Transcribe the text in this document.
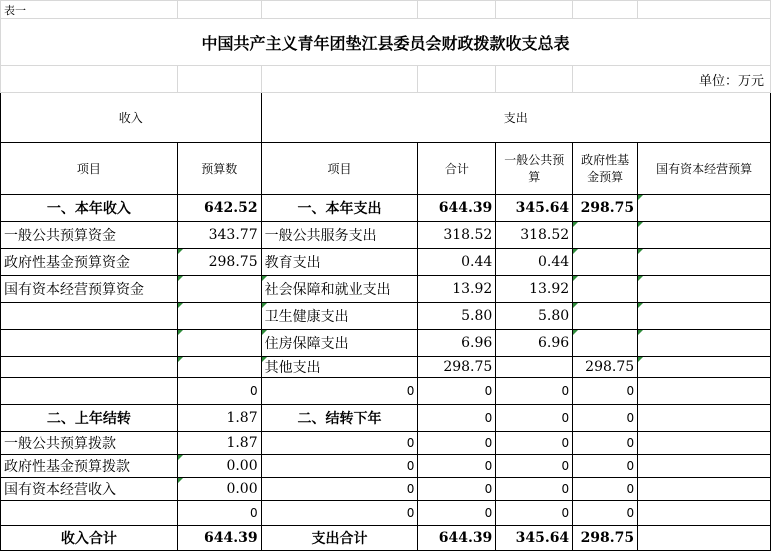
表一						
中国共产主义青年团垫江县委员会财政拨款收支总表						
					单位：万元	
收入		支出				
项目	预算数	项目	合计	一般公共预算	政府性基金预算	国有资本经营预算
一、本年收入	642.52	一、本年支出	644.39	345.64	298.75	
一般公共预算资金	343.77	一般公共服务支出	318.52	318.52		
政府性基金预算资金	298.75	教育支出	0.44	0.44		
国有资本经营预算资金		社会保障和就业支出	13.92	13.92		
		卫生健康支出	5.80	5.80		
		住房保障支出	6.96	6.96		
		其他支出	298.75		298.75	
	0	0	0	0	0	
二、上年结转	1.87	二、结转下年	0	0	0	
一般公共预算拨款	1.87	0	0	0	0	
政府性基金预算拨款	0.00	0	0	0	0	
国有资本经营收入	0.00	0	0	0	0	
	0	0	0	0	0	
收入合计	644.39	支出合计	644.39	345.64	298.75	
